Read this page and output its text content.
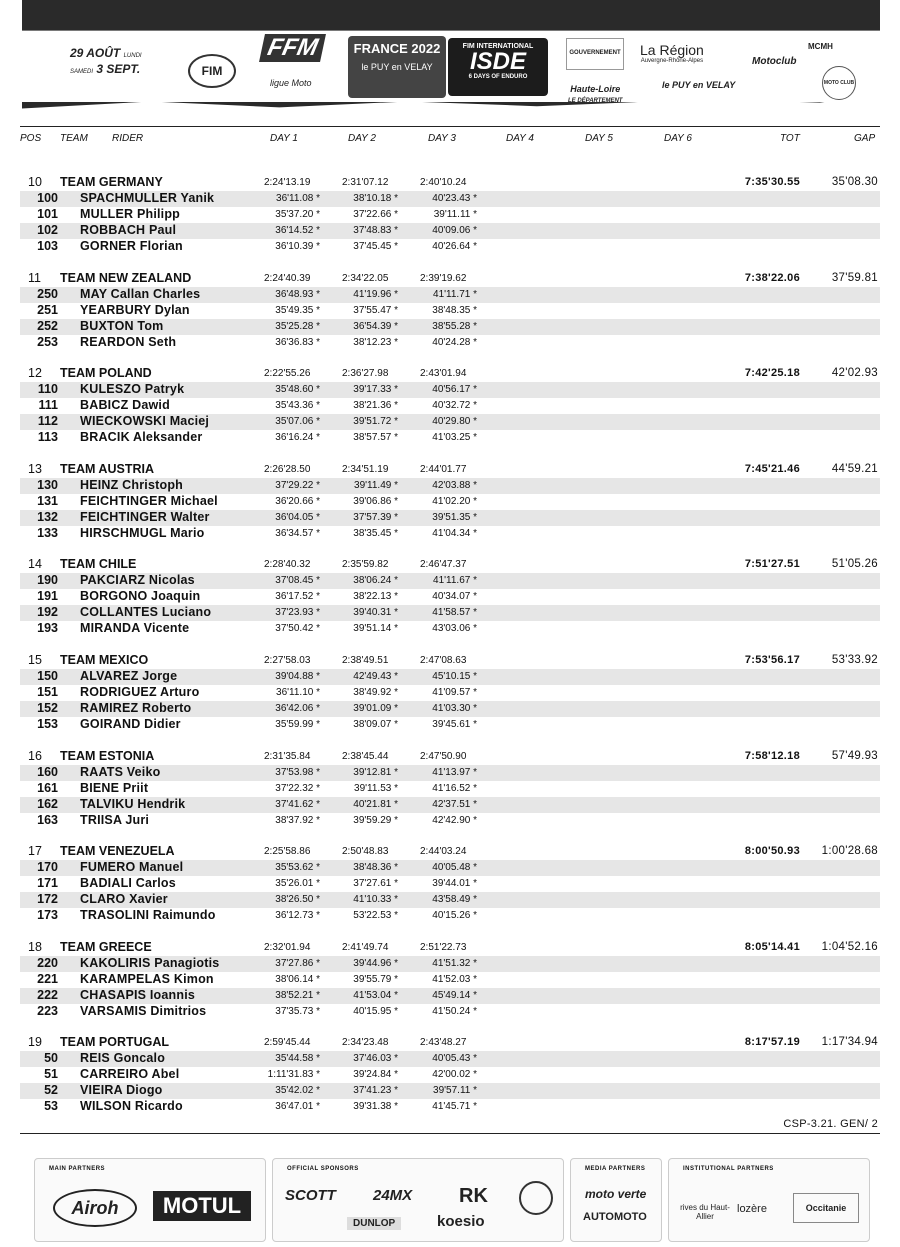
29 AOÛT LUNDI
SAMEDI 3 SEPT.	FIM
FFM
ligue Moto
FRANCE 2022
le PUY en VELAY
FIM INTERNATIONAL
ISDE
6 DAYS OF ENDURO
GOUVERNEMENT La Région
Auvergne-Rhône-Alpes
Haute-Loire
LE DÉPARTEMENT
le PUY en VELAY
Motoclub
MCMH
MOTO CLUB
POS TEAM RIDER	DAY 1	DAY 2	DAY 3	DAY 4	DAY 5	DAY 6	TOT	GAP
10 TEAM GERMANY	2:24'13.19	2:31'07.12	2:40'10.24	7:35'30.55	35'08.30
100 SPACHMULLER Yanik	36'11.08 *	38'10.18 *	40'23.43 *
101 MULLER Philipp	35'37.20 *	37'22.66 *	39'11.11 *
102 ROBBACH Paul	36'14.52 *	37'48.83 *	40'09.06 *
103 GORNER Florian	36'10.39 *	37'45.45 *	40'26.64 *
11 TEAM NEW ZEALAND	2:24'40.39	2:34'22.05	2:39'19.62	7:38'22.06	37'59.81
250 MAY Callan Charles	36'48.93 *	41'19.96 *	41'11.71 *
251 YEARBURY Dylan	35'49.35 *	37'55.47 *	38'48.35 *
252 BUXTON Tom	35'25.28 *	36'54.39 *	38'55.28 *
253 REARDON Seth	36'36.83 *	38'12.23 *	40'24.28 *
12 TEAM POLAND	2:22'55.26	2:36'27.98	2:43'01.94	7:42'25.18	42'02.93
110 KULESZO Patryk	35'48.60 *	39'17.33 *	40'56.17 *
111 BABICZ Dawid	35'43.36 *	38'21.36 *	40'32.72 *
112 WIECKOWSKI Maciej	35'07.06 *	39'51.72 *	40'29.80 *
113 BRACIK Aleksander	36'16.24 *	38'57.57 *	41'03.25 *
13 TEAM AUSTRIA	2:26'28.50	2:34'51.19	2:44'01.77	7:45'21.46	44'59.21
130 HEINZ Christoph	37'29.22 *	39'11.49 *	42'03.88 *
131 FEICHTINGER Michael	36'20.66 *	39'06.86 *	41'02.20 *
132 FEICHTINGER Walter	36'04.05 *	37'57.39 *	39'51.35 *
133 HIRSCHMUGL Mario	36'34.57 *	38'35.45 *	41'04.34 *
14 TEAM CHILE	2:28'40.32	2:35'59.82	2:46'47.37	7:51'27.51	51'05.26
190 PAKCIARZ Nicolas	37'08.45 *	38'06.24 *	41'11.67 *
191 BORGONO Joaquin	36'17.52 *	38'22.13 *	40'34.07 *
192 COLLANTES Luciano	37'23.93 *	39'40.31 *	41'58.57 *
193 MIRANDA Vicente	37'50.42 *	39'51.14 *	43'03.06 *
15 TEAM MEXICO	2:27'58.03	2:38'49.51	2:47'08.63	7:53'56.17	53'33.92
150 ALVAREZ Jorge	39'04.88 *	42'49.43 *	45'10.15 *
151 RODRIGUEZ Arturo	36'11.10 *	38'49.92 *	41'09.57 *
152 RAMIREZ Roberto	36'42.06 *	39'01.09 *	41'03.30 *
153 GOIRAND Didier	35'59.99 *	38'09.07 *	39'45.61 *
16 TEAM ESTONIA	2:31'35.84	2:38'45.44	2:47'50.90	7:58'12.18	57'49.93
160 RAATS Veiko	37'53.98 *	39'12.81 *	41'13.97 *
161 BIENE Priit	37'22.32 *	39'11.53 *	41'16.52 *
162 TALVIKU Hendrik	37'41.62 *	40'21.81 *	42'37.51 *
163 TRIISA Juri	38'37.92 *	39'59.29 *	42'42.90 *
17 TEAM VENEZUELA	2:25'58.86	2:50'48.83	2:44'03.24	8:00'50.93 1:00'28.68
170 FUMERO Manuel	35'53.62 *	38'48.36 *	40'05.48 *
171 BADIALI Carlos	35'26.01 *	37'27.61 *	39'44.01 *
172 CLARO Xavier	38'26.50 *	41'10.33 *	43'58.49 *
173 TRASOLINI Raimundo	36'12.73 *	53'22.53 *	40'15.26 *
18 TEAM GREECE	2:32'01.94	2:41'49.74	2:51'22.73	8:05'14.41 1:04'52.16
220 KAKOLIRIS Panagiotis	37'27.86 *	39'44.96 *	41'51.32 *
221 KARAMPELAS Kimon	38'06.14 *	39'55.79 *	41'52.03 *
222 CHASAPIS Ioannis	38'52.21 *	41'53.04 *	45'49.14 *
223 VARSAMIS Dimitrios	37'35.73 *	40'15.95 *	41'50.24 *
19 TEAM PORTUGAL	2:59'45.44	2:34'23.48	2:43'48.27	8:17'57.19 1:17'34.94
50 REIS Goncalo	35'44.58 *	37'46.03 *	40'05.43 *
51 CARREIRO Abel	1:11'31.83 *	39'24.84 *	42'00.02 *
52 VIEIRA Diogo	35'42.02 *	37'41.23 *	39'57.11 *
53 WILSON Ricardo	36'47.01 *	39'31.38 *	41'45.71 *
CSP-3.21. GEN/ 2
MAIN PARTNERS
Airoh	MOTUL
OFFICIAL SPONSORS
SCOTT 24MX RK
DUNLOP	koesio
MEDIA PARTNERS
moto verte
AUTOMOTO
INSTITUTIONAL PARTNERS
rives du Haut-Allier
lozère	Occitanie
